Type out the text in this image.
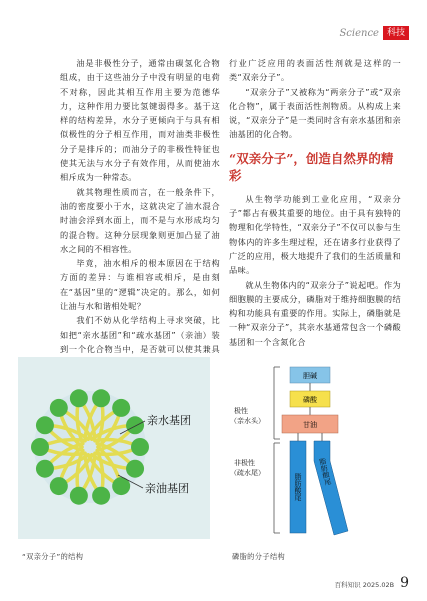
Science 科技

油是非极性分子，通常由碳氢化合物组成，由于这些油分子中没有明显的电荷不对称，因此其相互作用主要为范德华力，这种作用力要比氢键弱得多。基于这样的结构差异，水分子更倾向于与具有相似极性的分子相互作用，而对油类非极性分子是排斥的；而油分子的非极性特征也使其无法与水分子有效作用，从而使油水相斥成为一种常态。

就其物理性质而言，在一般条件下，油的密度要小于水，这就决定了油水混合时油会浮到水面上，而不是与水形成均匀的混合物。这种分层现象则更加凸显了油水之间的不相容性。

毕竟，油水相斥的根本原因在于结构方面的差异：与谁相容或相斥，是由刻在“基因”里的“逻辑”决定的。那么，如何让油与水和谐相处呢？

我们不妨从化学结构上寻求突破，比如把“亲水基团”和“疏水基团”（亲油）装到一个化合物当中，是否就可以使其兼具

行业广泛应用的表面活性剂就是这样的一类“双亲分子”。

“双亲分子”又被称为“两亲分子”或“双亲化合物”，属于表面活性剂物质。从构成上来说，“双亲分子”是一类同时含有亲水基团和亲油基团的化合物。

“双亲分子”，创造自然界的精彩

从生物学功能到工业化应用，“双亲分子”都占有极其重要的地位。由于具有独特的物理和化学特性，“双亲分子”不仅可以参与生物体内的许多生理过程，还在诸多行业获得了广泛的应用，极大地提升了我们的生活质量和品味。

就从生物体内的“双亲分子”说起吧。作为细胞膜的主要成分，磷脂对于维持细胞膜的结构和功能具有重要的作用。实际上，磷脂就是一种“双亲分子”，其亲水基通常包含一个磷酸基团和一个含氮化合

亲水基团
亲油基团
极性
（亲水头）
胆碱
磷酸
甘油
非极性
（疏水尾）	脂肪酸尾
脂肪酸尾
“双亲分子”的结构	磷脂的分子结构
百科知识 2025.02B 9
